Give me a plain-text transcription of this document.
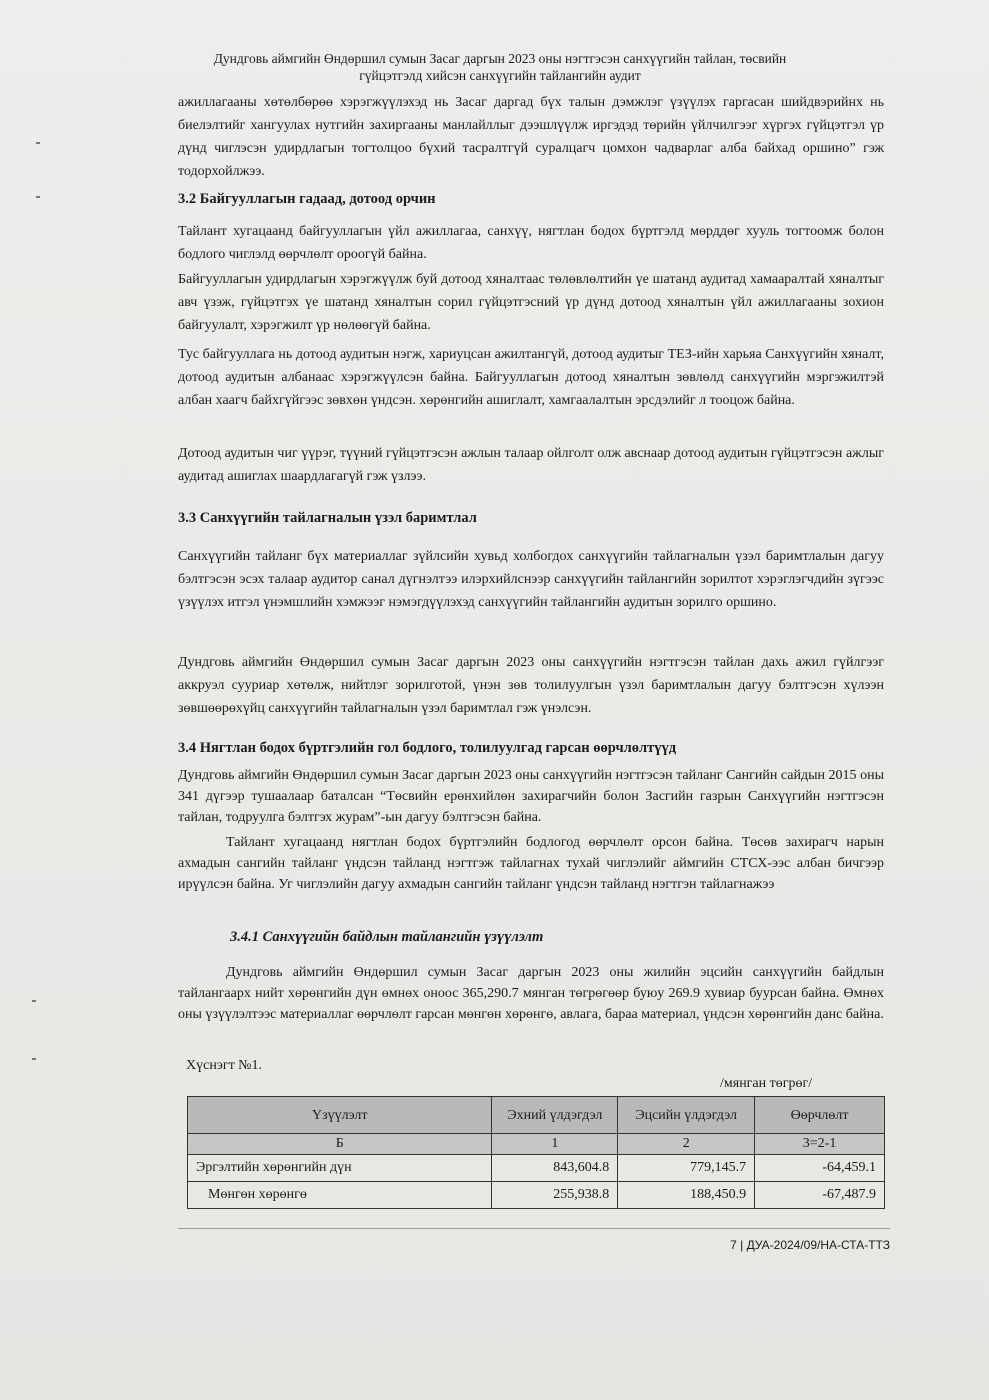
Дундговь аймгийн Өндөршил сумын Засаг даргын 2023 оны нэгтгэсэн санхүүгийн тайлан, төсвийн
гүйцэтгэлд хийсэн санхүүгийн тайлангийн аудит

ажиллагааны хөтөлбөрөө хэрэгжүүлэхэд нь Засаг даргад бүх талын дэмжлэг үзүүлэх гаргасан шийдвэрийнх нь биелэлтийг хангуулах нутгийн захиргааны манлайллыг дээшлүүлж иргэдэд төрийн үйлчилгээг хүргэх гүйцэтгэл үр дүнд чиглэсэн удирдлагын тогтолцоо бүхий тасралтгүй суралцагч цомхон чадварлаг алба байхад оршино” гэж тодорхойлжээ.

3.2 Байгууллагын гадаад, дотоод орчин

Тайлант хугацаанд байгууллагын үйл ажиллагаа, санхүү, нягтлан бодох бүртгэлд мөрддөг хууль тогтоомж болон бодлого чиглэлд өөрчлөлт ороогүй байна.

Байгууллагын удирдлагын хэрэгжүүлж буй дотоод хяналтаас төлөвлөлтийн үе шатанд аудитад хамааралтай хяналтыг авч үзэж, гүйцэтгэх үе шатанд хяналтын сорил гүйцэтгэсний үр дүнд дотоод хяналтын үйл ажиллагааны зохион байгуулалт, хэрэгжилт үр нөлөөгүй байна.

Тус байгууллага нь дотоод аудитын нэгж, хариуцсан ажилтангүй, дотоод аудитыг ТЕЗ-ийн харьяа Санхүүгийн хяналт, дотоод аудитын албанаас хэрэгжүүлсэн байна. Байгууллагын дотоод хяналтын зөвлөлд санхүүгийн мэргэжилтэй албан хаагч байхгүйгээс зөвхөн үндсэн. хөрөнгийн ашиглалт, хамгаалалтын эрсдэлийг л тооцож байна.

Дотоод аудитын чиг үүрэг, түүний гүйцэтгэсэн ажлын талаар ойлголт олж авснаар дотоод аудитын гүйцэтгэсэн ажлыг аудитад ашиглах шаардлагагүй гэж үзлээ.

3.3 Санхүүгийн тайлагналын үзэл баримтлал

Санхүүгийн тайланг бүх материаллаг зүйлсийн хувьд холбогдох санхүүгийн тайлагналын үзэл баримтлалын дагуу бэлтгэсэн эсэх талаар аудитор санал дүгнэлтээ илэрхийлснээр санхүүгийн тайлангийн зорилтот хэрэглэгчдийн зүгээс үзүүлэх итгэл үнэмшлийн хэмжээг нэмэгдүүлэхэд санхүүгийн тайлангийн аудитын зорилго оршино.

Дундговь аймгийн Өндөршил сумын Засаг даргын 2023 оны санхүүгийн нэгтгэсэн тайлан дахь ажил гүйлгээг аккруэл сууриар хөтөлж, нийтлэг зорилготой, үнэн зөв толилуулгын үзэл баримтлалын дагуу бэлтгэсэн хүлээн зөвшөөрөхүйц санхүүгийн тайлагналын үзэл баримтлал гэж үнэлсэн.

3.4 Нягтлан бодох бүртгэлийн гол бодлого, толилуулгад гарсан өөрчлөлтүүд

Дундговь аймгийн Өндөршил сумын Засаг даргын 2023 оны санхүүгийн нэгтгэсэн тайланг Сангийн сайдын 2015 оны 341 дүгээр тушаалаар баталсан “Төсвийн ерөнхийлөн захирагчийн болон Засгийн газрын Санхүүгийн нэгтгэсэн тайлан, тодруулга бэлтгэх журам”-ын дагуу бэлтгэсэн байна.

Тайлант хугацаанд нягтлан бодох бүртгэлийн бодлогод өөрчлөлт орсон байна. Төсөв захирагч нарын ахмадын сангийн тайланг үндсэн тайланд нэгтгэж тайлагнах тухай чиглэлийг аймгийн СТСХ-ээс албан бичгээр ирүүлсэн байна. Уг чиглэлийн дагуу ахмадын сангийн тайланг үндсэн тайланд нэгтгэн тайлагнажээ

3.4.1 Санхүүгийн байдлын тайлангийн үзүүлэлт

Дундговь аймгийн Өндөршил сумын Засаг даргын 2023 оны жилийн эцсийн санхүүгийн байдлын тайлангаарх нийт хөрөнгийн дүн өмнөх оноос 365,290.7 мянган төгрөгөөр буюу 269.9 хувиар буурсан байна. Өмнөх оны үзүүлэлтээс материаллаг өөрчлөлт гарсан мөнгөн хөрөнгө, авлага, бараа материал, үндсэн хөрөнгийн данс байна.

Хүснэгт №1.
/мянган төгрөг/
Үзүүлэлт	Эхний үлдэгдэл	Эцсийн үлдэгдэл	Өөрчлөлт
Б	1	2	3=2-1
Эргэлтийн хөрөнгийн дүн	843,604.8	779,145.7	-64,459.1
Мөнгөн хөрөнгө	255,938.8	188,450.9	-67,487.9
7 | ДУА-2024/09/НА-СТА-ТТЗ
